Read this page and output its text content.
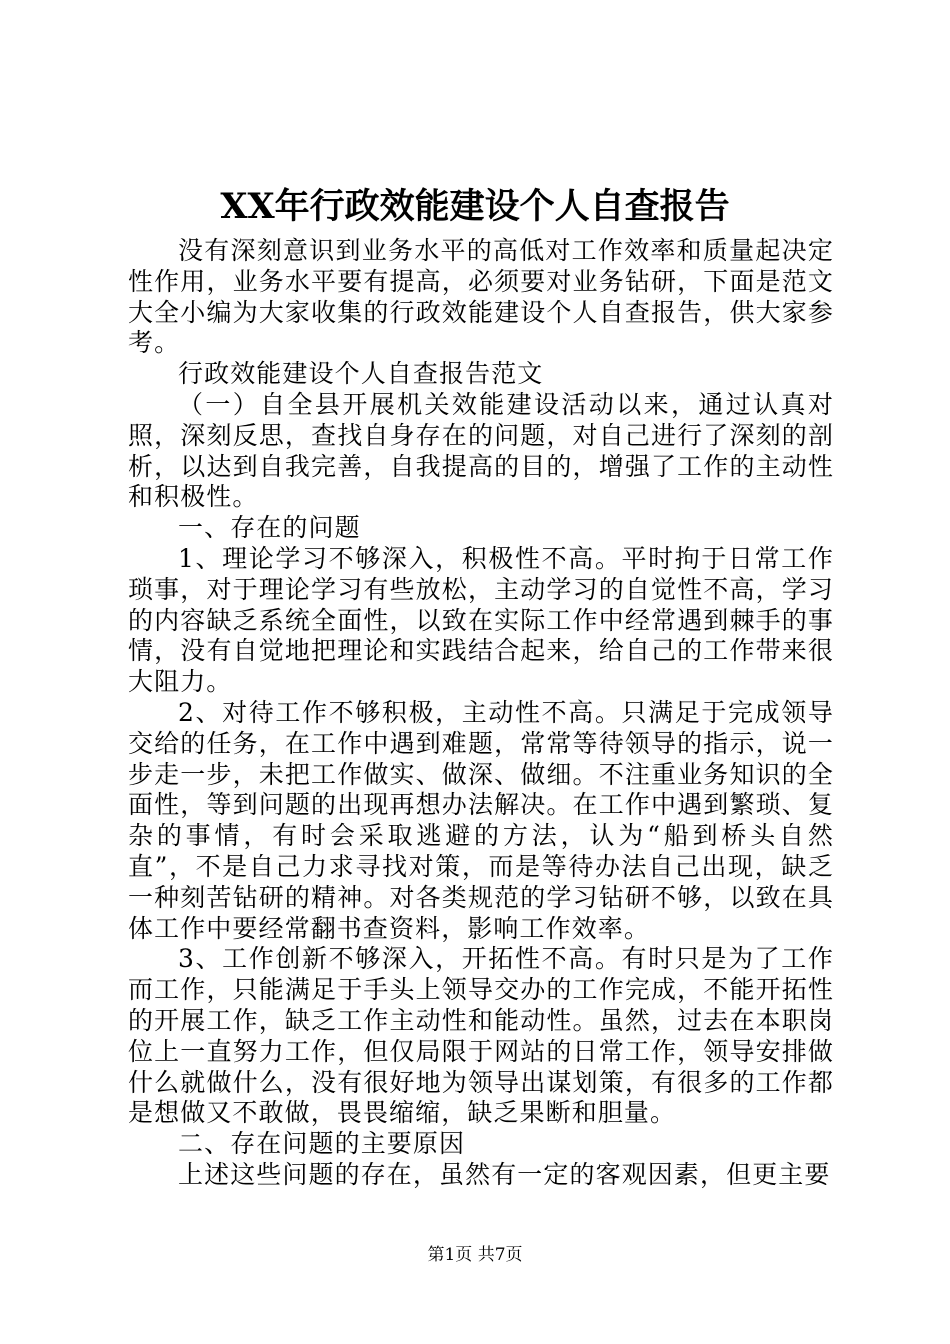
XX年行政效能建设个人自查报告

没有深刻意识到业务水平的高低对工作效率和质量起决定性作用，业务水平要有提高，必须要对业务钻研，下面是范文大全小编为大家收集的行政效能建设个人自查报告，供大家参考。

行政效能建设个人自查报告范文

（一）自全县开展机关效能建设活动以来，通过认真对照，深刻反思，查找自身存在的问题，对自己进行了深刻的剖析，以达到自我完善，自我提高的目的，增强了工作的主动性和积极性。

一、存在的问题

1、理论学习不够深入，积极性不高。平时拘于日常工作琐事，对于理论学习有些放松，主动学习的自觉性不高，学习的内容缺乏系统全面性，以致在实际工作中经常遇到棘手的事情，没有自觉地把理论和实践结合起来，给自己的工作带来很大阻力。

2、对待工作不够积极，主动性不高。只满足于完成领导交给的任务，在工作中遇到难题，常常等待领导的指示，说一步走一步，未把工作做实、做深、做细。不注重业务知识的全面性，等到问题的出现再想办法解决。在工作中遇到繁琐、复杂的事情，有时会采取逃避的方法，认为“船到桥头自然直”，不是自己力求寻找对策，而是等待办法自己出现，缺乏一种刻苦钻研的精神。对各类规范的学习钻研不够，以致在具体工作中要经常翻书查资料，影响工作效率。

3、工作创新不够深入，开拓性不高。有时只是为了工作而工作，只能满足于手头上领导交办的工作完成，不能开拓性的开展工作，缺乏工作主动性和能动性。虽然，过去在本职岗位上一直努力工作，但仅局限于网站的日常工作，领导安排做什么就做什么，没有很好地为领导出谋划策，有很多的工作都是想做又不敢做，畏畏缩缩，缺乏果断和胆量。

二、存在问题的主要原因

上述这些问题的存在，虽然有一定的客观因素，但更主要

第1页 共7页
